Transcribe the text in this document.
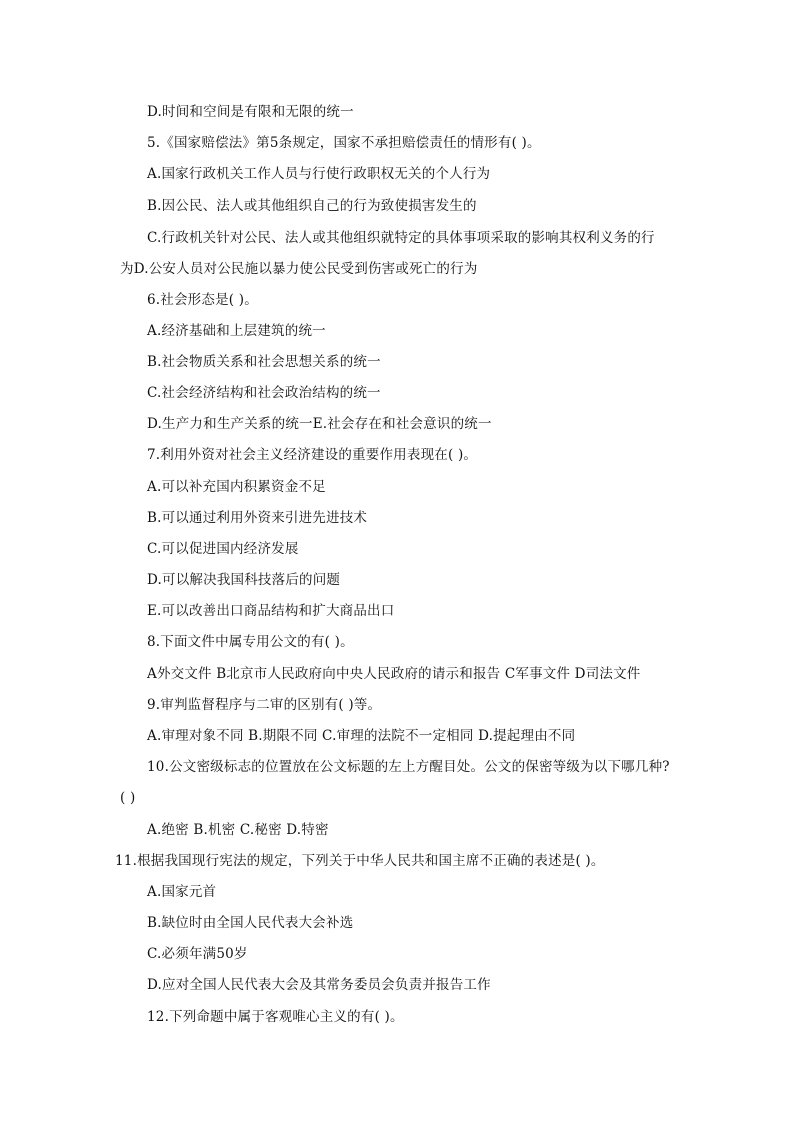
D.时间和空间是有限和无限的统一
5.《国家赔偿法》第5条规定，国家不承担赔偿责任的情形有( )。
A.国家行政机关工作人员与行使行政职权无关的个人行为
B.因公民、法人或其他组织自己的行为致使损害发生的
C.行政机关针对公民、法人或其他组织就特定的具体事项采取的影响其权利义务的行
为D.公安人员对公民施以暴力使公民受到伤害或死亡的行为
6.社会形态是( )。
A.经济基础和上层建筑的统一
B.社会物质关系和社会思想关系的统一
C.社会经济结构和社会政治结构的统一
D.生产力和生产关系的统一E.社会存在和社会意识的统一
7.利用外资对社会主义经济建设的重要作用表现在( )。
A.可以补充国内积累资金不足
B.可以通过利用外资来引进先进技术
C.可以促进国内经济发展
D.可以解决我国科技落后的问题
E.可以改善出口商品结构和扩大商品出口
8.下面文件中属专用公文的有( )。
A外交文件 B北京市人民政府向中央人民政府的请示和报告 C军事文件 D司法文件
9.审判监督程序与二审的区别有( )等。
A.审理对象不同 B.期限不同 C.审理的法院不一定相同 D.提起理由不同
10.公文密级标志的位置放在公文标题的左上方醒目处。公文的保密等级为以下哪几种?
( )
A.绝密 B.机密 C.秘密 D.特密
11.根据我国现行宪法的规定，下列关于中华人民共和国主席不正确的表述是( )。
A.国家元首
B.缺位时由全国人民代表大会补选
C.必须年满50岁
D.应对全国人民代表大会及其常务委员会负责并报告工作
12.下列命题中属于客观唯心主义的有( )。
